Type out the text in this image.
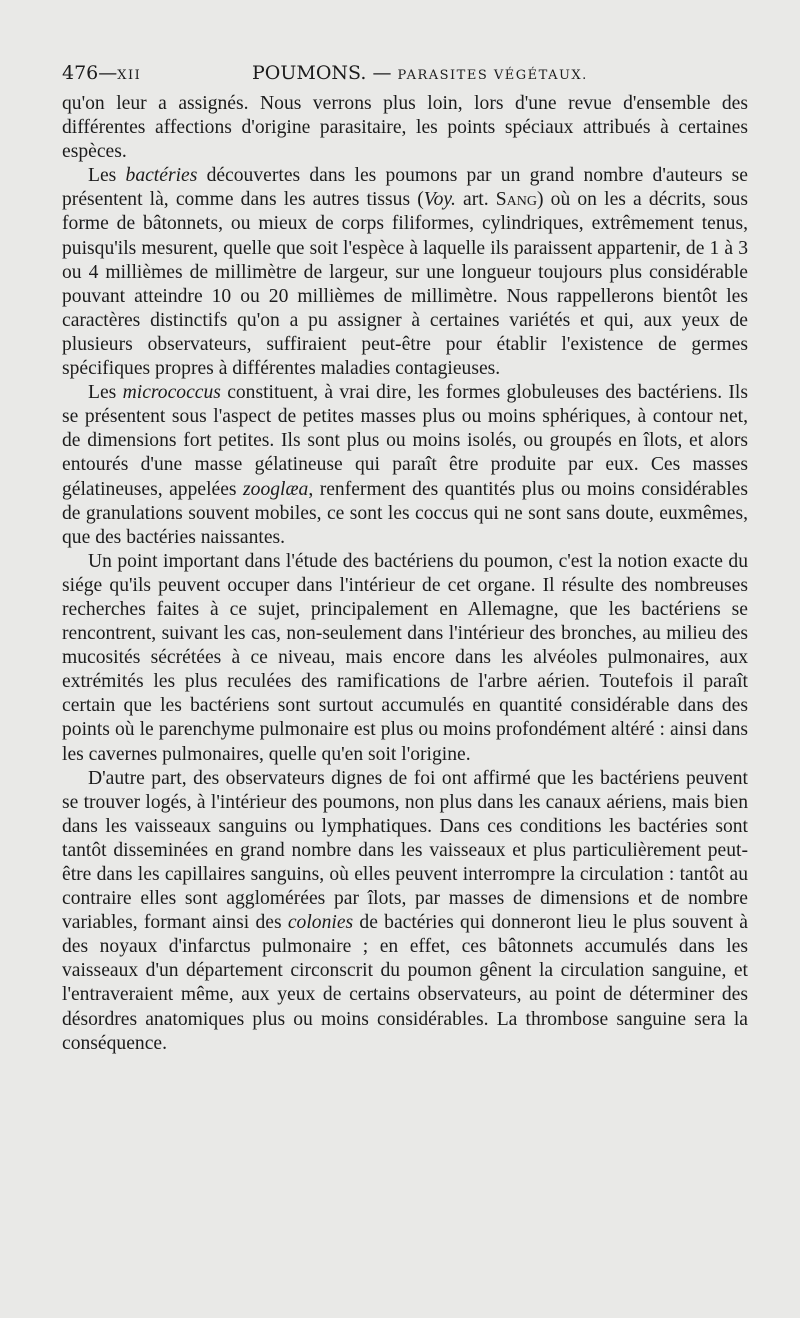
476—XII	POUMONS. — PARASITES VÉGÉTAUX.

qu'on leur a assignés. Nous verrons plus loin, lors d'une revue d'ensemble des différentes affections d'origine parasitaire, les points spéciaux attribués à certaines espèces.

Les bactéries découvertes dans les poumons par un grand nombre d'auteurs se présentent là, comme dans les autres tissus (Voy. art. Sang) où on les a décrits, sous forme de bâtonnets, ou mieux de corps filiformes, cylindriques, extrêmement tenus, puisqu'ils mesurent, quelle que soit l'espèce à laquelle ils paraissent appartenir, de 1 à 3 ou 4 millièmes de millimètre de largeur, sur une longueur toujours plus considérable pouvant atteindre 10 ou 20 millièmes de millimètre. Nous rappellerons bientôt les caractères distinctifs qu'on a pu assigner à certaines variétés et qui, aux yeux de plusieurs observateurs, suffiraient peut-être pour établir l'existence de germes spécifiques propres à différentes maladies contagieuses.

Les micrococcus constituent, à vrai dire, les formes globuleuses des bactériens. Ils se présentent sous l'aspect de petites masses plus ou moins sphériques, à contour net, de dimensions fort petites. Ils sont plus ou moins isolés, ou groupés en îlots, et alors entourés d'une masse gélatineuse qui paraît être produite par eux. Ces masses gélatineuses, appelées zooglæa, renferment des quantités plus ou moins considérables de granulations souvent mobiles, ce sont les coccus qui ne sont sans doute, euxmêmes, que des bactéries naissantes.

Un point important dans l'étude des bactériens du poumon, c'est la notion exacte du siége qu'ils peuvent occuper dans l'intérieur de cet organe. Il résulte des nombreuses recherches faites à ce sujet, principalement en Allemagne, que les bactériens se rencontrent, suivant les cas, non-seulement dans l'intérieur des bronches, au milieu des mucosités sécrétées à ce niveau, mais encore dans les alvéoles pulmonaires, aux extrémités les plus reculées des ramifications de l'arbre aérien. Toutefois il paraît certain que les bactériens sont surtout accumulés en quantité considérable dans des points où le parenchyme pulmonaire est plus ou moins profondément altéré : ainsi dans les cavernes pulmonaires, quelle qu'en soit l'origine.

D'autre part, des observateurs dignes de foi ont affirmé que les bactériens peuvent se trouver logés, à l'intérieur des poumons, non plus dans les canaux aériens, mais bien dans les vaisseaux sanguins ou lymphatiques. Dans ces conditions les bactéries sont tantôt disseminées en grand nombre dans les vaisseaux et plus particulièrement peut-être dans les capillaires sanguins, où elles peuvent interrompre la circulation : tantôt au contraire elles sont agglomérées par îlots, par masses de dimensions et de nombre variables, formant ainsi des colonies de bactéries qui donneront lieu le plus souvent à des noyaux d'infarctus pulmonaire ; en effet, ces bâtonnets accumulés dans les vaisseaux d'un département circonscrit du poumon gênent la circulation sanguine, et l'entraveraient même, aux yeux de certains observateurs, au point de déterminer des désordres anatomiques plus ou moins considérables. La thrombose sanguine sera la conséquence.
